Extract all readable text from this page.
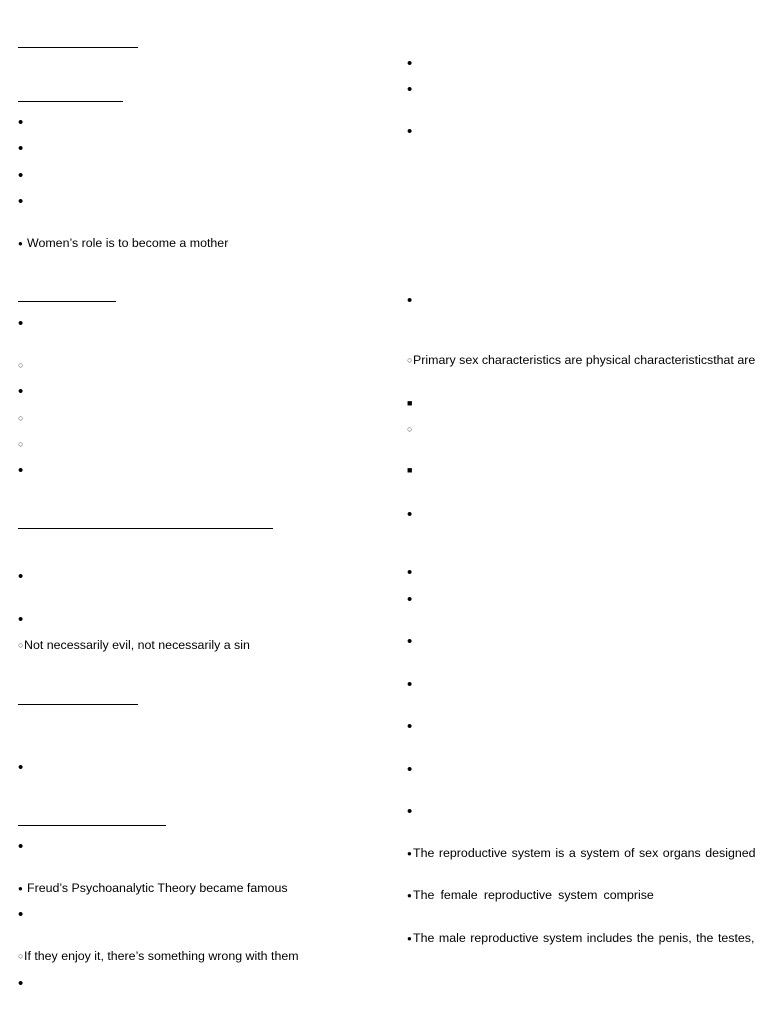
•
•
•
•
● Women’s role is to become a mother
•
○
•
○
○
•
•
•
○ Not necessarily evil, not necessarily a sin
•
•
● Freud’s Psychoanalytic Theory became famous
•
○ If they enjoy it, there’s something wrong with them
•
•
•
•
•
○ Primary sex characteristics are physical characteristicsthat are
■
○
■
•
•
•
•
•
•
•
•
● The reproductive system is a system of sex organs designed
● The female reproductive system comprise
● The male reproductive system includes the penis, the testes,
